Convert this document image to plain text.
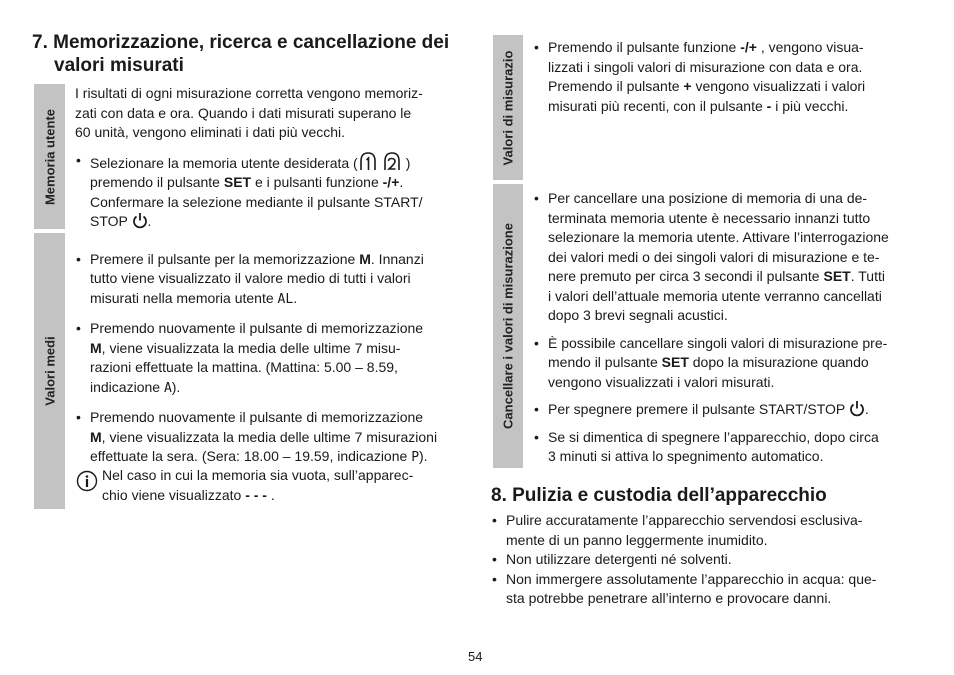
7. Memorizzazione, ricerca e cancellazione dei
valori misurati
Memoria utente
Valori medi
I risultati di ogni misurazione corretta vengono memoriz-
zati con data e ora. Quando i dati misurati superano le
60 unità, vengono eliminati i dati più vecchi.
• Selezionare la memoria utente desiderata (	)
premendo il pulsante SET e i pulsanti funzione -/+.
Confermare la selezione mediante il pulsante START/
STOP .
• Premere il pulsante per la memorizzazione M. Innanzi
tutto viene visualizzato il valore medio di tutti i valori
misurati nella memoria utente AL.
• Premendo nuovamente il pulsante di memorizzazione
M, viene visualizzata la media delle ultime 7 misu-
razioni effettuate la mattina. (Mattina: 5.00 – 8.59,
indicazione A).
• Premendo nuovamente il pulsante di memorizzazione
M, viene visualizzata la media delle ultime 7 misurazioni
effettuate la sera. (Sera: 18.00 – 19.59, indicazione P).
Nel caso in cui la memoria sia vuota, sull’apparec-
chio viene visualizzato - - - .
Valori di misurazio
Cancellare i valori di misurazione
• Premendo il pulsante funzione -/+ , vengono visua-
lizzati i singoli valori di misurazione con data e ora.
Premendo il pulsante + vengono visualizzati i valori
misurati più recenti, con il pulsante - i più vecchi.
• Per cancellare una posizione di memoria di una de-
terminata memoria utente è necessario innanzi tutto
selezionare la memoria utente. Attivare l’interrogazione
dei valori medi o dei singoli valori di misurazione e te-
nere premuto per circa 3 secondi il pulsante SET. Tutti
i valori dell’attuale memoria utente verranno cancellati
dopo 3 brevi segnali acustici.
• È possibile cancellare singoli valori di misurazione pre-
mendo il pulsante SET dopo la misurazione quando
vengono visualizzati i valori misurati.
• Per spegnere premere il pulsante START/STOP .
• Se si dimentica di spegnere l’apparecchio, dopo circa
3 minuti si attiva lo spegnimento automatico.
8. Pulizia e custodia dell’apparecchio
• Pulire accuratamente l’apparecchio servendosi esclusiva-
mente di un panno leggermente inumidito.
• Non utilizzare detergenti né solventi.
• Non immergere assolutamente l’apparecchio in acqua: que-
sta potrebbe penetrare all’interno e provocare danni.
54
